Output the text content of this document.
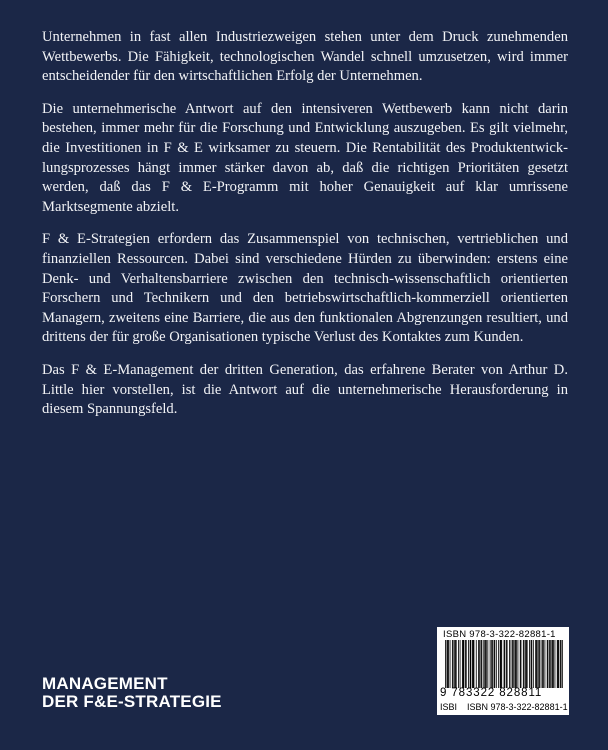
Unternehmen in fast allen Industriezweigen stehen unter dem Druck zunehmenden Wettbewerbs. Die Fähigkeit, technologischen Wandel schnell umzusetzen, wird immer entscheidender für den wirtschaftlichen Erfolg der Unternehmen.

Die unternehmerische Antwort auf den intensiveren Wettbewerb kann nicht darin bestehen, immer mehr für die Forschung und Entwicklung auszugeben. Es gilt vielmehr, die Investitionen in F & E wirksamer zu steuern. Die Rentabilität des Produktentwicklungsprozesses hängt immer stärker davon ab, daß die richtigen Prioritäten gesetzt werden, daß das F & E-Programm mit hoher Genauigkeit auf klar umrissene Marktsegmente abzielt.

F & E-Strategien erfordern das Zusammenspiel von technischen, vertrieblichen und finanziellen Ressourcen. Dabei sind verschiedene Hürden zu überwinden: erstens eine Denk- und Verhaltensbarriere zwischen den technisch-wissenschaftlich orientierten Forschern und Technikern und den betriebswirtschaftlich-kommerziell orientierten Managern, zweitens eine Barriere, die aus den funktionalen Abgrenzungen resultiert, und drittens der für große Organisationen typische Verlust des Kontaktes zum Kunden.

Das F & E-Management der dritten Generation, das erfahrene Berater von Arthur D. Little hier vorstellen, ist die Antwort auf die unternehmerische Herausforderung in diesem Spannungsfeld.

MANAGEMENT
DER F&E-STRATEGIE
ISBN 978-3-322-82881-1
9 783322 828811
ISBI ISBN 978-3-322-82881-1
